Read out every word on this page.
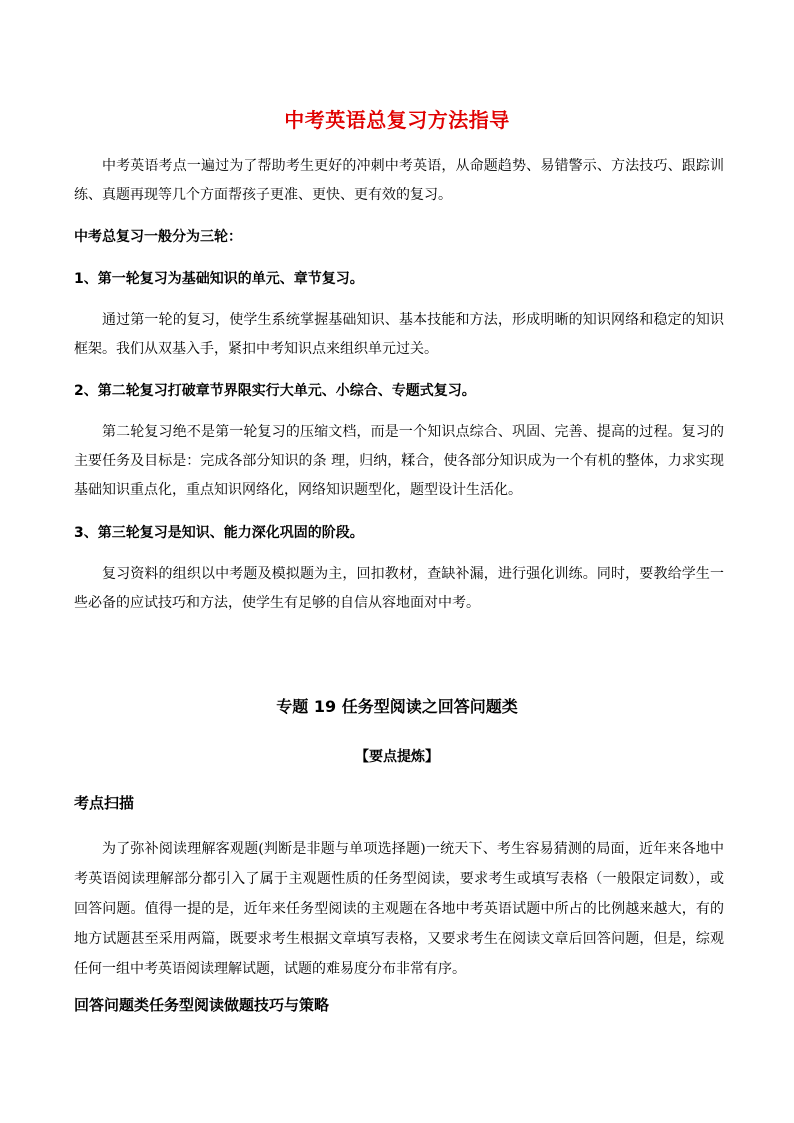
中考英语总复习方法指导

中考英语考点一遍过为了帮助考生更好的冲刺中考英语，从命题趋势、易错警示、方法技巧、跟踪训练、真题再现等几个方面帮孩子更准、更快、更有效的复习。

中考总复习一般分为三轮：
1、第一轮复习为基础知识的单元、章节复习。

通过第一轮的复习，使学生系统掌握基础知识、基本技能和方法，形成明晰的知识网络和稳定的知识框架。我们从双基入手，紧扣中考知识点来组织单元过关。

2、第二轮复习打破章节界限实行大单元、小综合、专题式复习。

第二轮复习绝不是第一轮复习的压缩文档，而是一个知识点综合、巩固、完善、提高的过程。复习的主要任务及目标是：完成各部分知识的条 理，归纳，糅合，使各部分知识成为一个有机的整体，力求实现基础知识重点化，重点知识网络化，网络知识题型化，题型设计生活化。

3、第三轮复习是知识、能力深化巩固的阶段。

复习资料的组织以中考题及模拟题为主，回扣教材，查缺补漏，进行强化训练。同时，要教给学生一些必备的应试技巧和方法，使学生有足够的自信从容地面对中考。

专题 19 任务型阅读之回答问题类
【要点提炼】
考点扫描

为了弥补阅读理解客观题(判断是非题与单项选择题)一统天下、考生容易猜测的局面，近年来各地中考英语阅读理解部分都引入了属于主观题性质的任务型阅读，要求考生或填写表格（一般限定词数），或回答问题。值得一提的是，近年来任务型阅读的主观题在各地中考英语试题中所占的比例越来越大，有的地方试题甚至采用两篇，既要求考生根据文章填写表格，又要求考生在阅读文章后回答问题，但是，综观任何一组中考英语阅读理解试题，试题的难易度分布非常有序。

回答问题类任务型阅读做题技巧与策略
